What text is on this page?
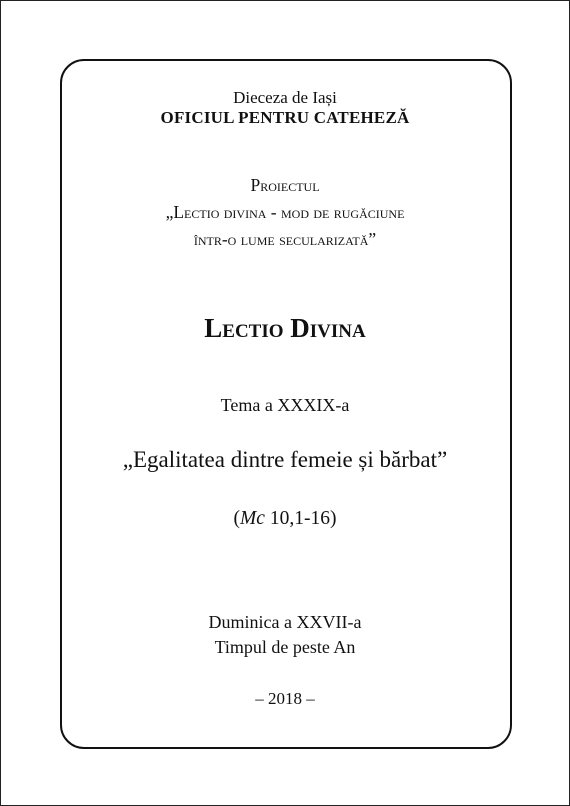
Dieceza de Iași
OFICIUL PENTRU CATEHEZĂ
Proiectul
„Lectio divina - mod de rugăciune
într-o lume secularizată”
Lectio Divina
Tema a XXXIX-a
„Egalitatea dintre femeie și bărbat”
(Mc 10,1-16)
Duminica a XXVII-a
Timpul de peste An
– 2018 –
